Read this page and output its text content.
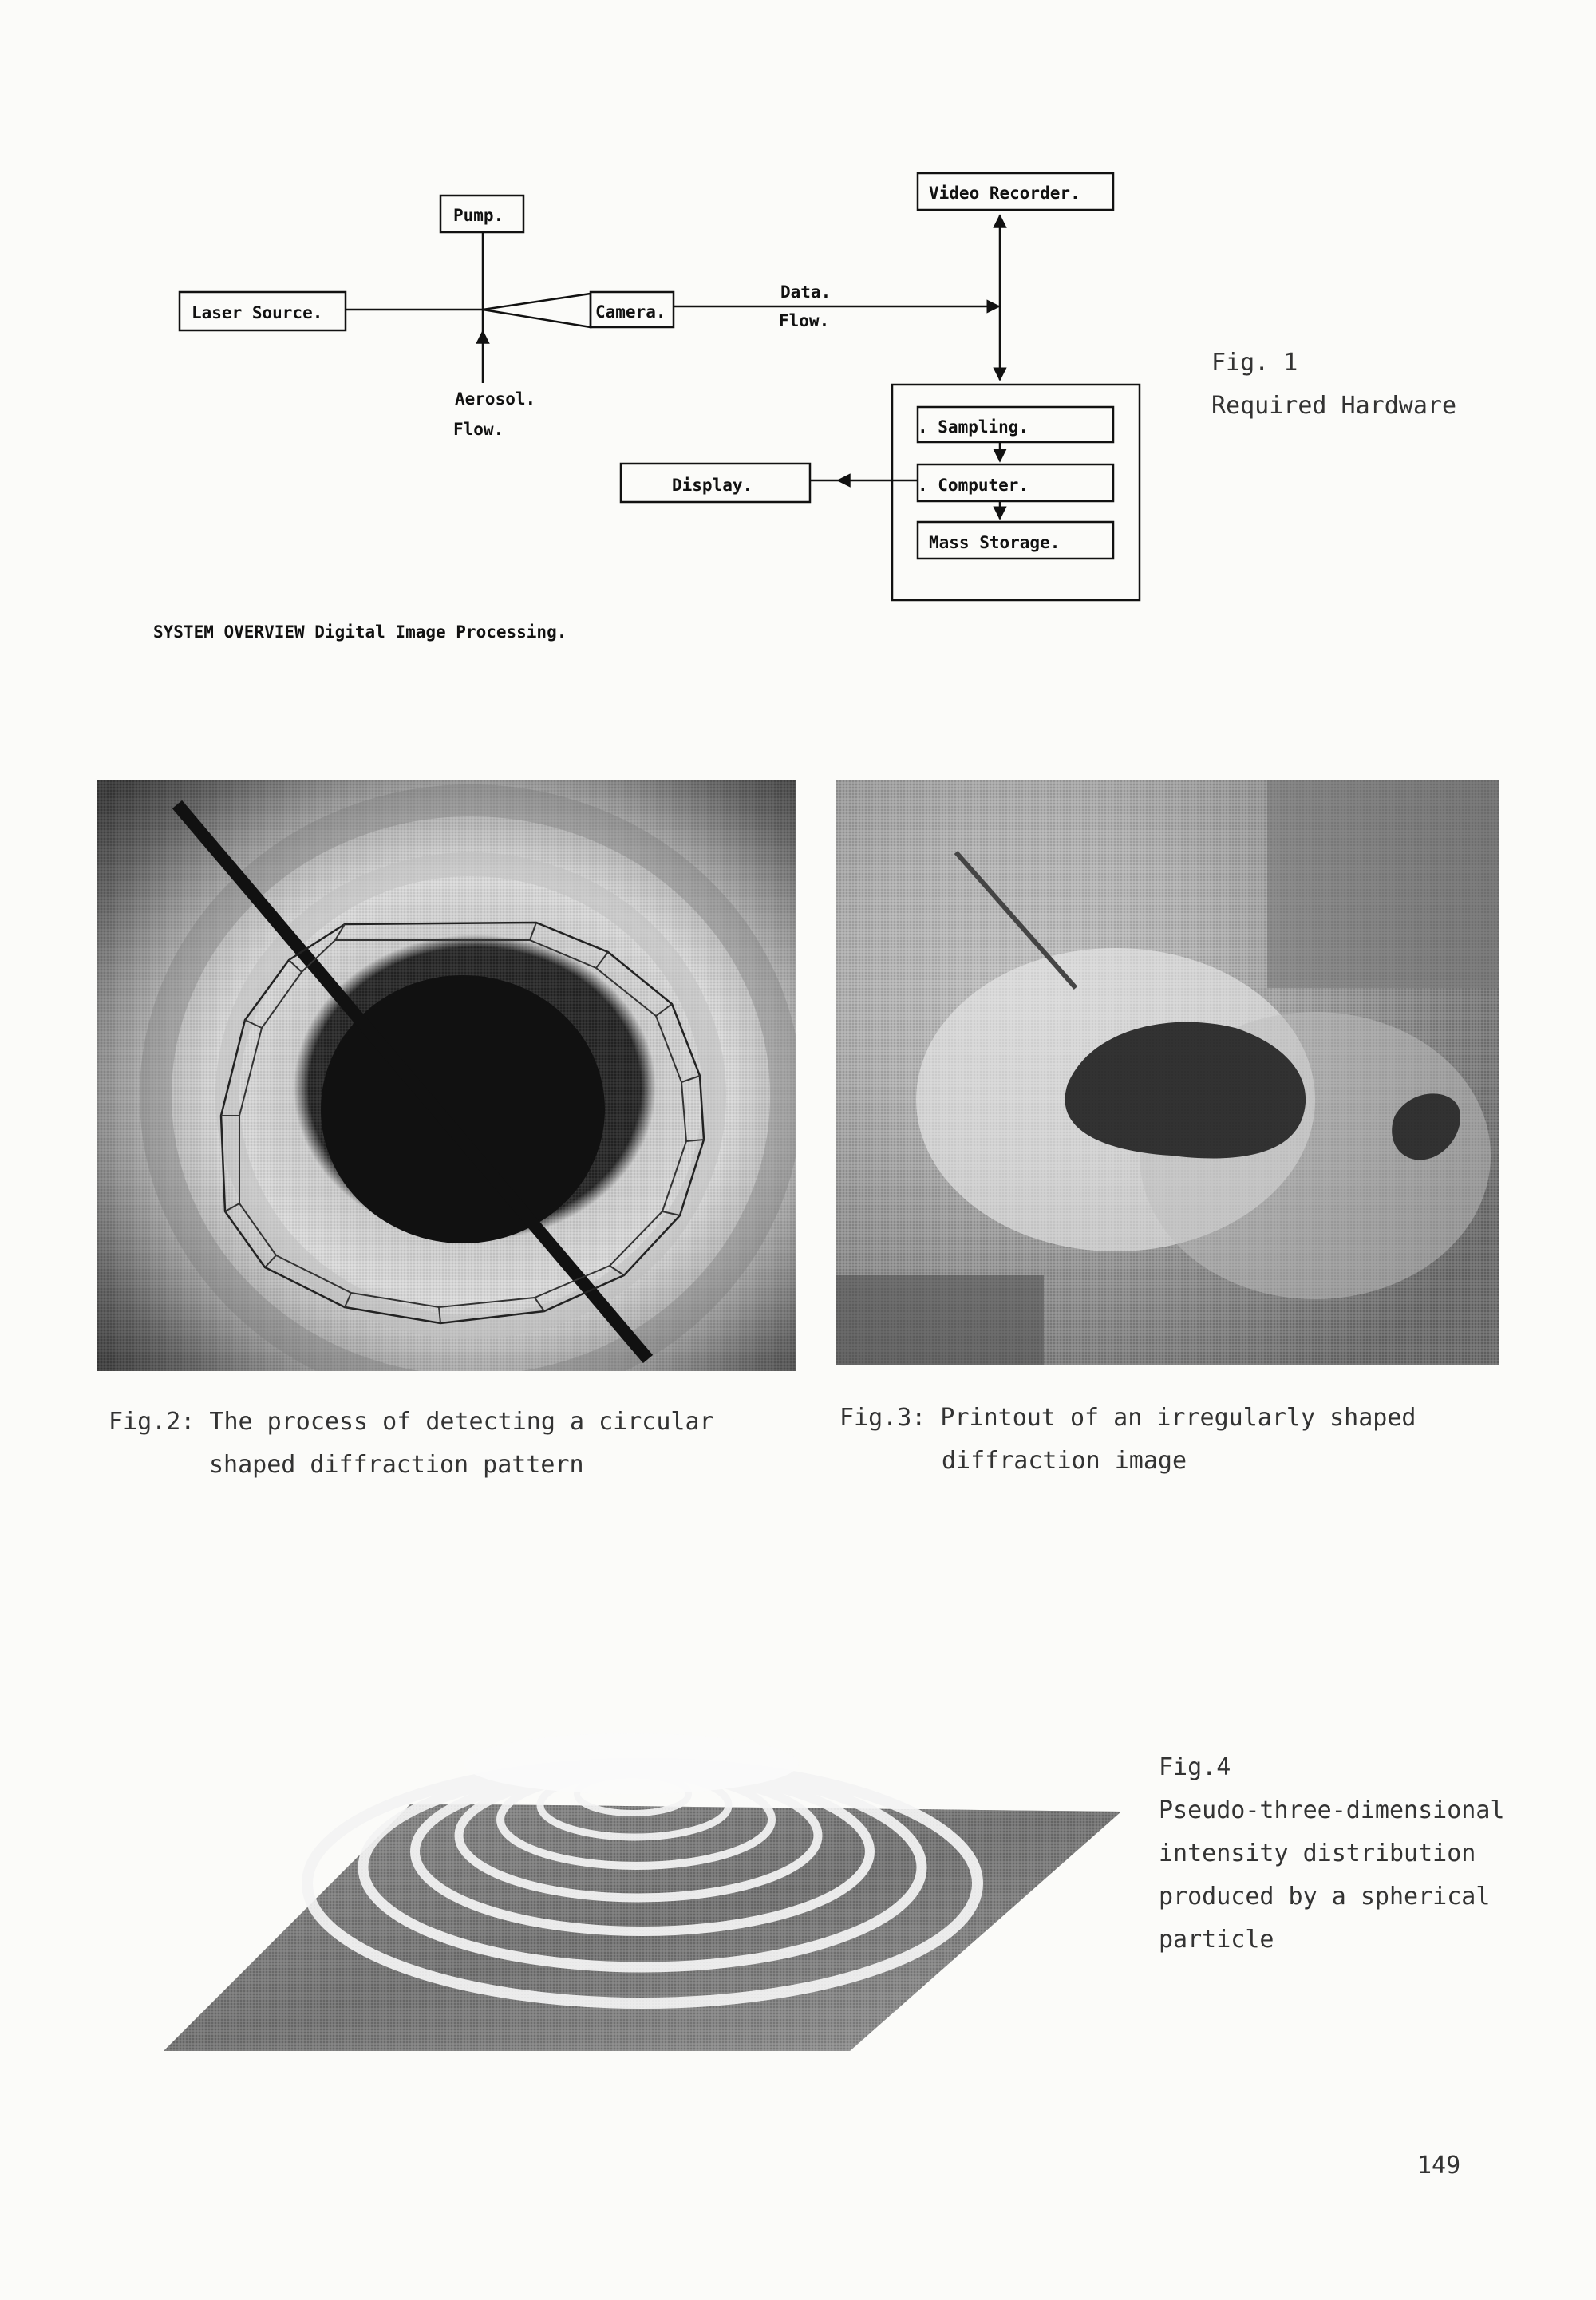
Pump.
Laser Source.	Camera.
Data.
Flow.
Aerosol.
Flow.
Video Recorder.
. Sampling.
. Computer.
Mass Storage.
Display.
SYSTEM OVERVIEW Digital Image Processing.
Fig. 1
Required Hardware
Fig.2: The process of detecting a circular
shaped diffraction pattern
Fig.3: Printout of an irregularly shaped
diffraction image
Fig.4
Pseudo-three-dimensional
intensity distribution
produced by a spherical
particle
149
